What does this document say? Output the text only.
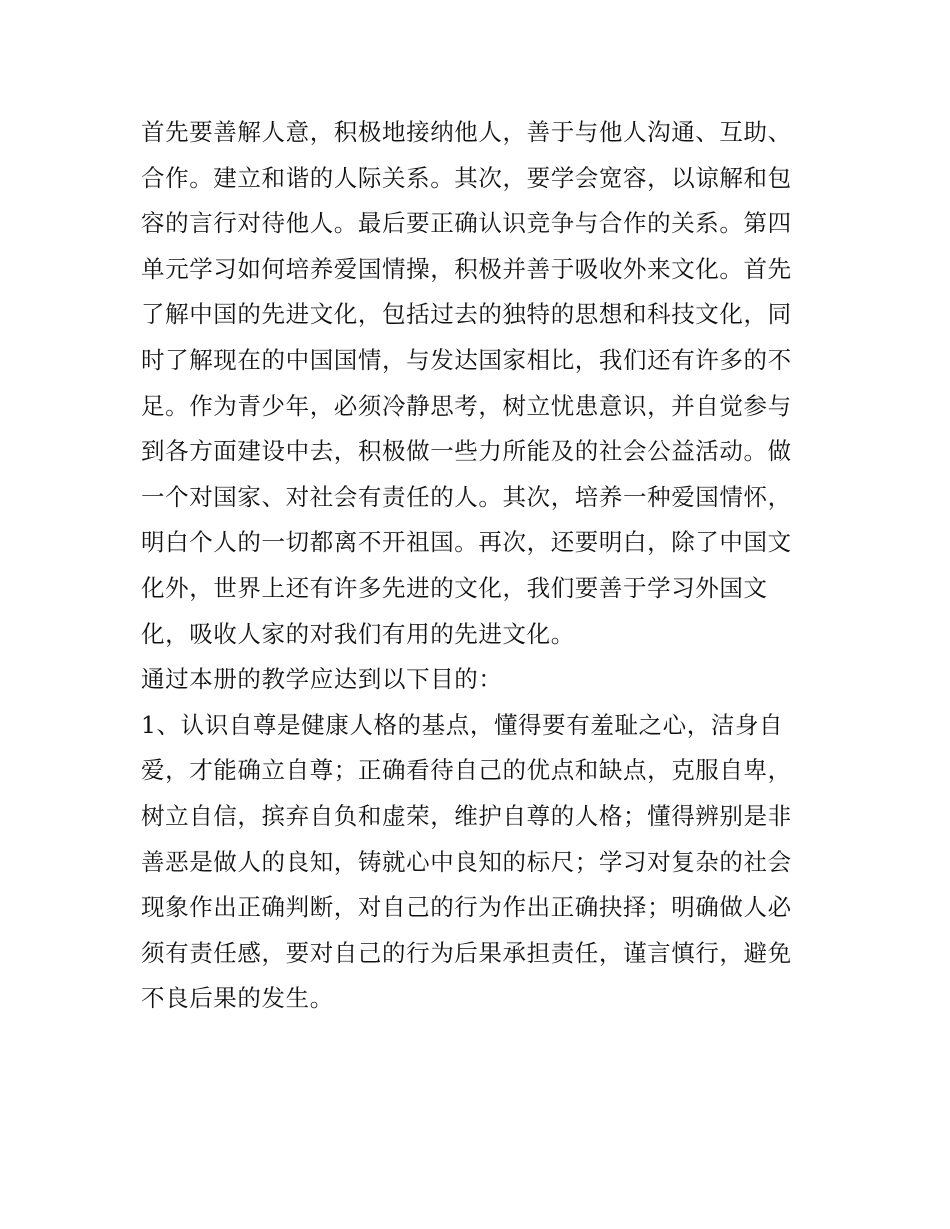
首先要善解人意，积极地接纳他人，善于与他人沟通、互助、
合作。建立和谐的人际关系。其次，要学会宽容，以谅解和包
容的言行对待他人。最后要正确认识竞争与合作的关系。第四
单元学习如何培养爱国情操，积极并善于吸收外来文化。首先
了解中国的先进文化，包括过去的独特的思想和科技文化，同
时了解现在的中国国情，与发达国家相比，我们还有许多的不
足。作为青少年，必须冷静思考，树立忧患意识，并自觉参与
到各方面建设中去，积极做一些力所能及的社会公益活动。做
一个对国家、对社会有责任的人。其次，培养一种爱国情怀，
明白个人的一切都离不开祖国。再次，还要明白，除了中国文
化外，世界上还有许多先进的文化，我们要善于学习外国文
化，吸收人家的对我们有用的先进文化。
通过本册的教学应达到以下目的：
1、认识自尊是健康人格的基点，懂得要有羞耻之心，洁身自
爱，才能确立自尊；正确看待自己的优点和缺点，克服自卑，
树立自信，摈弃自负和虚荣，维护自尊的人格；懂得辨别是非
善恶是做人的良知，铸就心中良知的标尺；学习对复杂的社会
现象作出正确判断，对自己的行为作出正确抉择；明确做人必
须有责任感，要对自己的行为后果承担责任，谨言慎行，避免
不良后果的发生。
